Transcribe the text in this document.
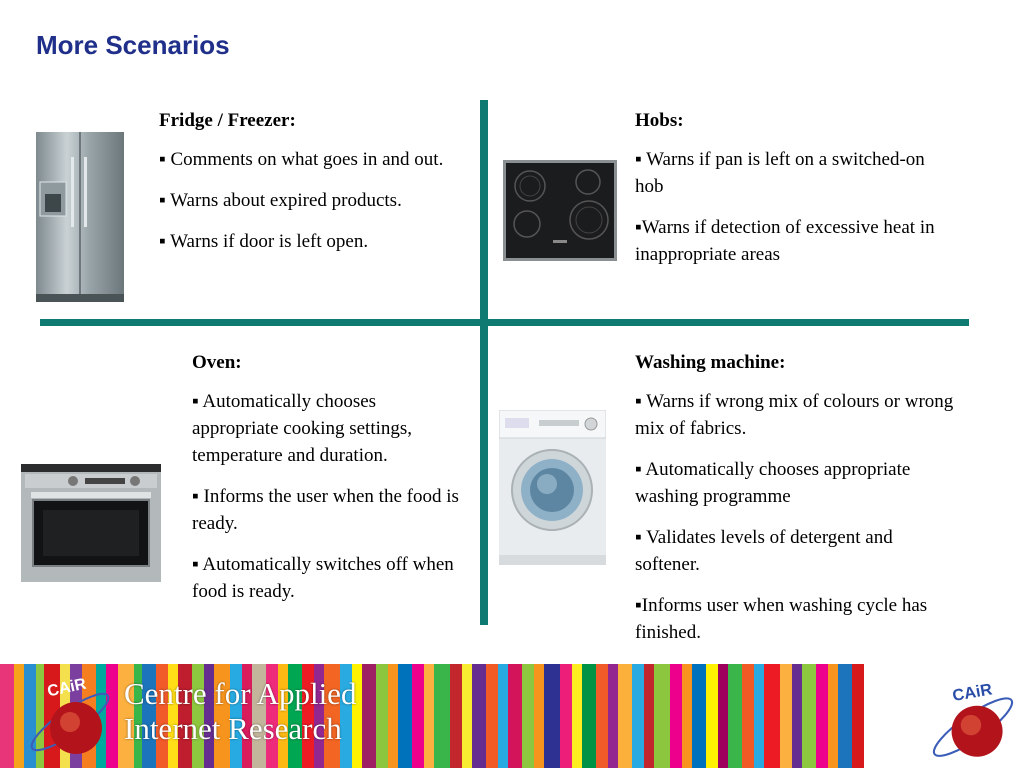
More Scenarios
Fridge / Freezer:

▪ Comments on what goes in and out.

▪ Warns about expired products.

▪ Warns if door is left open.

Hobs:

▪ Warns if pan is left on a switched-on hob

▪Warns if detection of excessive heat in inappropriate areas

Oven:

▪ Automatically chooses appropriate cooking settings, temperature and duration.

▪ Informs the user when the food is ready.

▪ Automatically switches off when food is ready.

Washing machine:

▪ Warns if wrong mix of colours or wrong mix of fabrics.

▪ Automatically chooses appropriate washing programme

▪ Validates levels of detergent and softener.

▪Informs user when washing cycle has finished.

CAiR Centre for Applied
Internet Research
gly
PRIFYSGOL
GLYNDWR U
CAiR
